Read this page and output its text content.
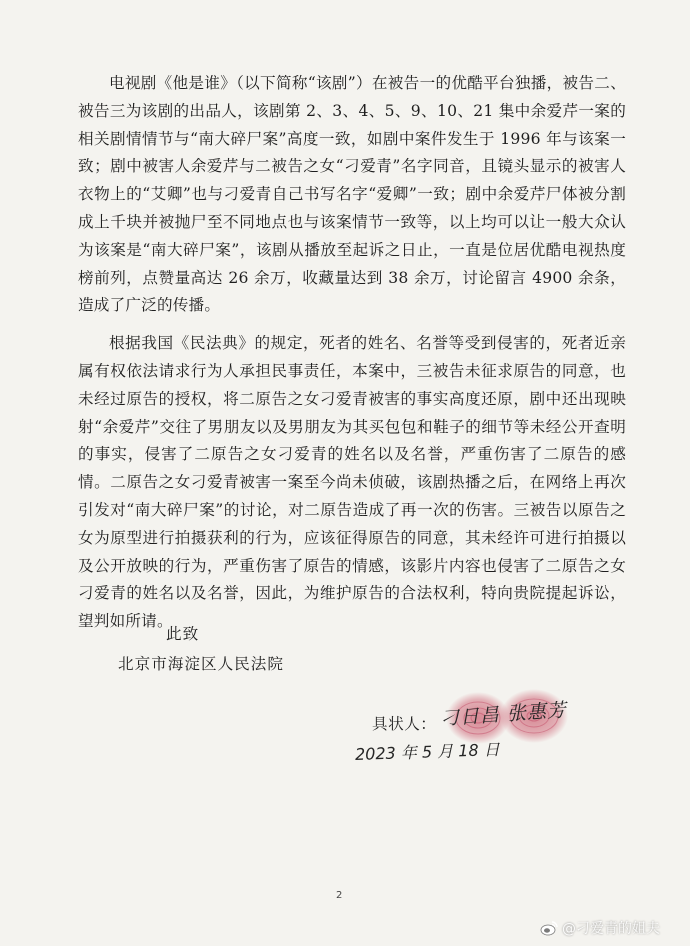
电视剧《他是谁》（以下简称“该剧”）在被告一的优酷平台独播，被告二、被告三为该剧的出品人，该剧第 2、3、4、5、9、10、21 集中余爱芹一案的相关剧情情节与“南大碎尸案”高度一致，如剧中案件发生于 1996 年与该案一致；剧中被害人余爱芹与二被告之女“刁爱青”名字同音，且镜头显示的被害人衣物上的“艾卿”也与刁爱青自己书写名字“爱卿”一致；剧中余爱芹尸体被分割成上千块并被抛尸至不同地点也与该案情节一致等，以上均可以让一般大众认为该案是“南大碎尸案”，该剧从播放至起诉之日止，一直是位居优酷电视热度榜前列，点赞量高达 26 余万，收藏量达到 38 余万，讨论留言 4900 余条，造成了广泛的传播。

根据我国《民法典》的规定，死者的姓名、名誉等受到侵害的，死者近亲属有权依法请求行为人承担民事责任，本案中，三被告未征求原告的同意，也未经过原告的授权，将二原告之女刁爱青被害的事实高度还原，剧中还出现映射“余爱芹”交往了男朋友以及男朋友为其买包包和鞋子的细节等未经公开查明的事实，侵害了二原告之女刁爱青的姓名以及名誉，严重伤害了二原告的感情。二原告之女刁爱青被害一案至今尚未侦破，该剧热播之后，在网络上再次引发对“南大碎尸案”的讨论，对二原告造成了再一次的伤害。三被告以原告之女为原型进行拍摄获利的行为，应该征得原告的同意，其未经许可进行拍摄以及公开放映的行为，严重伤害了原告的情感，该影片内容也侵害了二原告之女刁爱青的姓名以及名誉，因此，为维护原告的合法权利，特向贵院提起诉讼，望判如所请。

此致
北京市海淀区人民法院
具状人： 刁日昌 张惠芳
2023 年 5 月 18 日
2
@刁爱青的姐夫
